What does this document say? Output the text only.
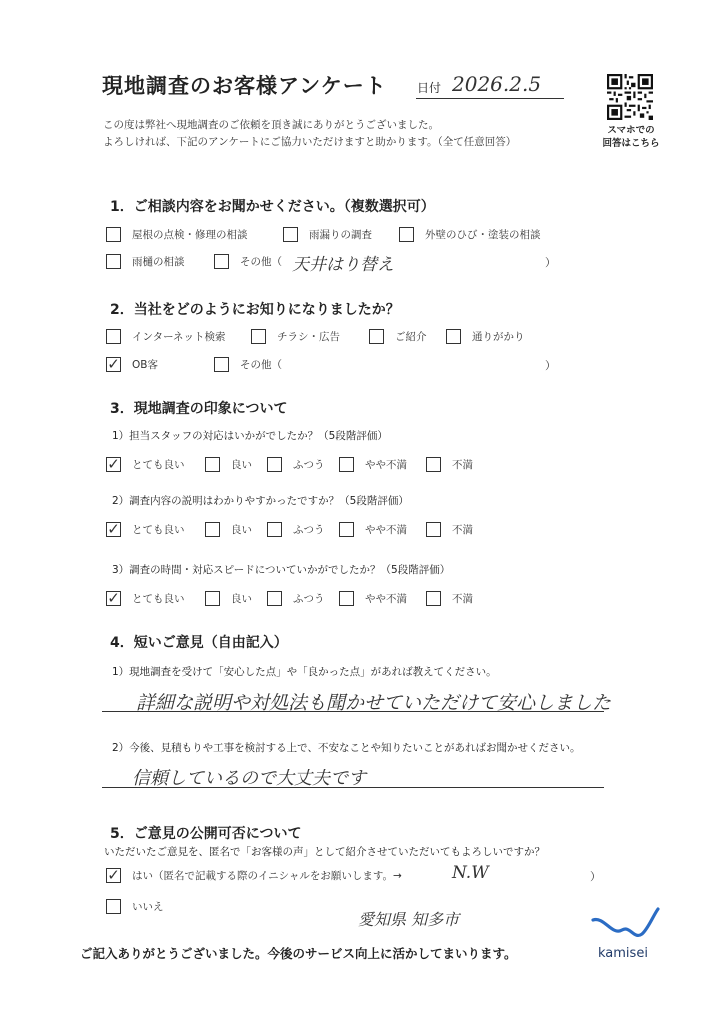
現地調査のお客様アンケート	日付 2026.2.5
この度は弊社へ現地調査のご依頼を頂き誠にありがとうございました。
よろしければ、下記のアンケートにご協力いただけますと助かります。（全て任意回答）
スマホでの
回答はこちら
1．ご相談内容をお聞かせください。（複数選択可）
屋根の点検・修理の相談	雨漏りの調査	外壁のひび・塗装の相談
雨樋の相談	その他（ 天井はり替え	）
2．当社をどのようにお知りになりましたか？
インターネット検索	チラシ・広告	ご紹介	通りがかり
✓ OB客	その他（	）
3．現地調査の印象について
1）担当スタッフの対応はいかがでしたか？（5段階評価）
✓ とても良い	良い	ふつう	やや不満	不満
2）調査内容の説明はわかりやすかったですか？（5段階評価）
✓ とても良い	良い	ふつう	やや不満	不満
3）調査の時間・対応スピードについていかがでしたか？（5段階評価）
✓ とても良い	良い	ふつう	やや不満	不満
4．短いご意見（自由記入）
1）現地調査を受けて「安心した点」や「良かった点」があれば教えてください。
詳細な説明や対処法も聞かせていただけて安心しました
2）今後、見積もりや工事を検討する上で、不安なことや知りたいことがあればお聞かせください。
信頼しているので大丈夫です
5．ご意見の公開可否について
いただいたご意見を、匿名で「お客様の声」として紹介させていただいてもよろしいですか？
✓ はい（匿名で記載する際のイニシャルをお願いします。→	N.W	）
いいえ
愛知県 知多市
ご記入ありがとうございました。今後のサービス向上に活かしてまいります。	kamisei
